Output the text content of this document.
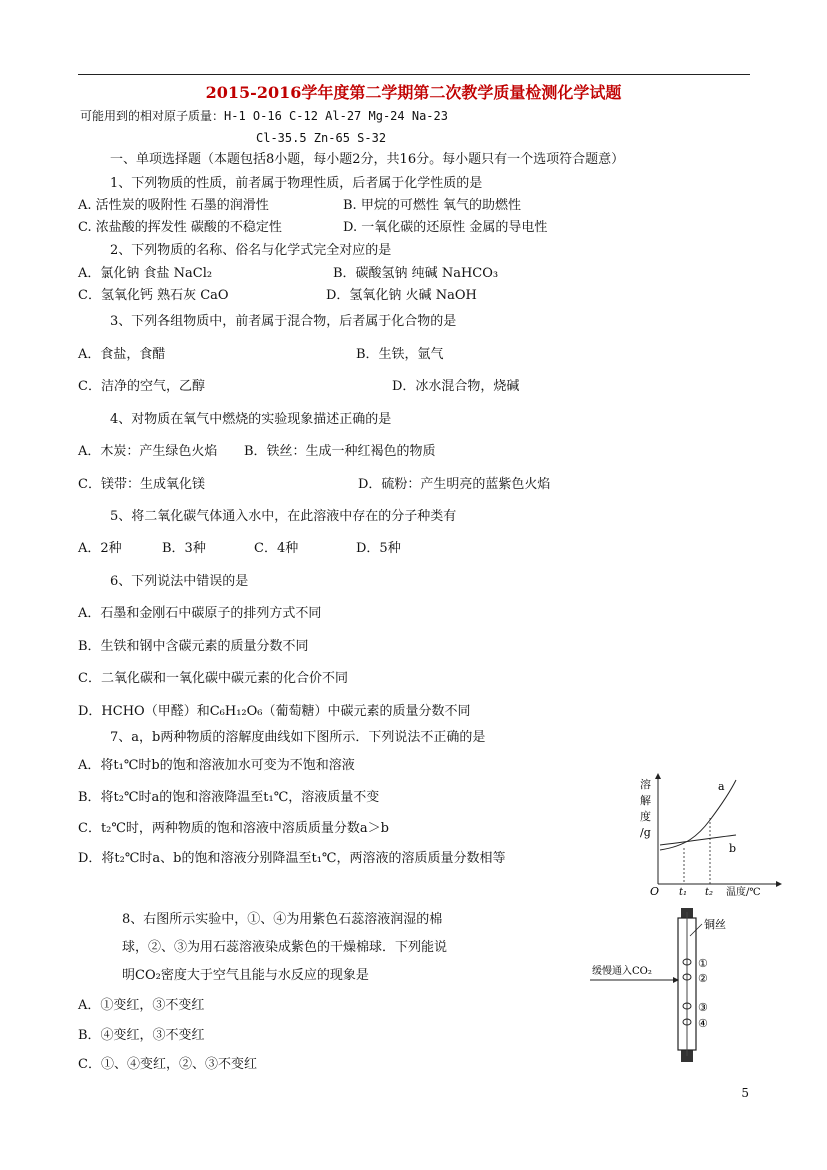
2015-2016学年度第二学期第二次教学质量检测化学试题
可能用到的相对原子质量：H-1 O-16 C-12 Al-27 Mg-24 Na-23
Cl-35.5 Zn-65 S-32
一、单项选择题（本题包括8小题，每小题2分，共16分。每小题只有一个选项符合题意）
1、下列物质的性质，前者属于物理性质，后者属于化学性质的是
A. 活性炭的吸附性 石墨的润滑性	B. 甲烷的可燃性 氧气的助燃性
C. 浓盐酸的挥发性 碳酸的不稳定性	D. 一氧化碳的还原性 金属的导电性
2、下列物质的名称、俗名与化学式完全对应的是
A．氯化钠 食盐 NaCl₂	B．碳酸氢钠 纯碱 NaHCO₃
C．氢氧化钙 熟石灰 CaO	D．氢氧化钠 火碱 NaOH
3、下列各组物质中，前者属于混合物，后者属于化合物的是
A．食盐，食醋	B．生铁，氩气
C．洁净的空气，乙醇	D．冰水混合物，烧碱
4、对物质在氧气中燃烧的实验现象描述正确的是
A．木炭：产生绿色火焰 B．铁丝：生成一种红褐色的物质
C．镁带：生成氧化镁	D．硫粉：产生明亮的蓝紫色火焰
5、将二氧化碳气体通入水中，在此溶液中存在的分子种类有
A．2种	B．3种	C．4种	D．5种
6、下列说法中错误的是
A．石墨和金刚石中碳原子的排列方式不同
B．生铁和钢中含碳元素的质量分数不同
C．二氧化碳和一氧化碳中碳元素的化合价不同
D．HCHO（甲醛）和C₆H₁₂O₆（葡萄糖）中碳元素的质量分数不同
7、a，b两种物质的溶解度曲线如下图所示．下列说法不正确的是
A．将t₁℃时b的饱和溶液加水可变为不饱和溶液
B．将t₂℃时a的饱和溶液降温至t₁℃，溶液质量不变
C．t₂℃时，两种物质的饱和溶液中溶质质量分数a＞b
D．将t₂℃时a、b的饱和溶液分别降温至t₁℃，两溶液的溶质质量分数相等
溶
解
度
/g
O t₁ t₂ 温度/℃
a
b
8、右图所示实验中，①、④为用紫色石蕊溶液润湿的棉
球，②、③为用石蕊溶液染成紫色的干燥棉球．下列能说
明CO₂密度大于空气且能与水反应的现象是
A．①变红，③不变红
B．④变红，③不变红
C．①、④变红，②、③不变红
铜丝
①
②
③
④
缓慢通入CO₂
5
